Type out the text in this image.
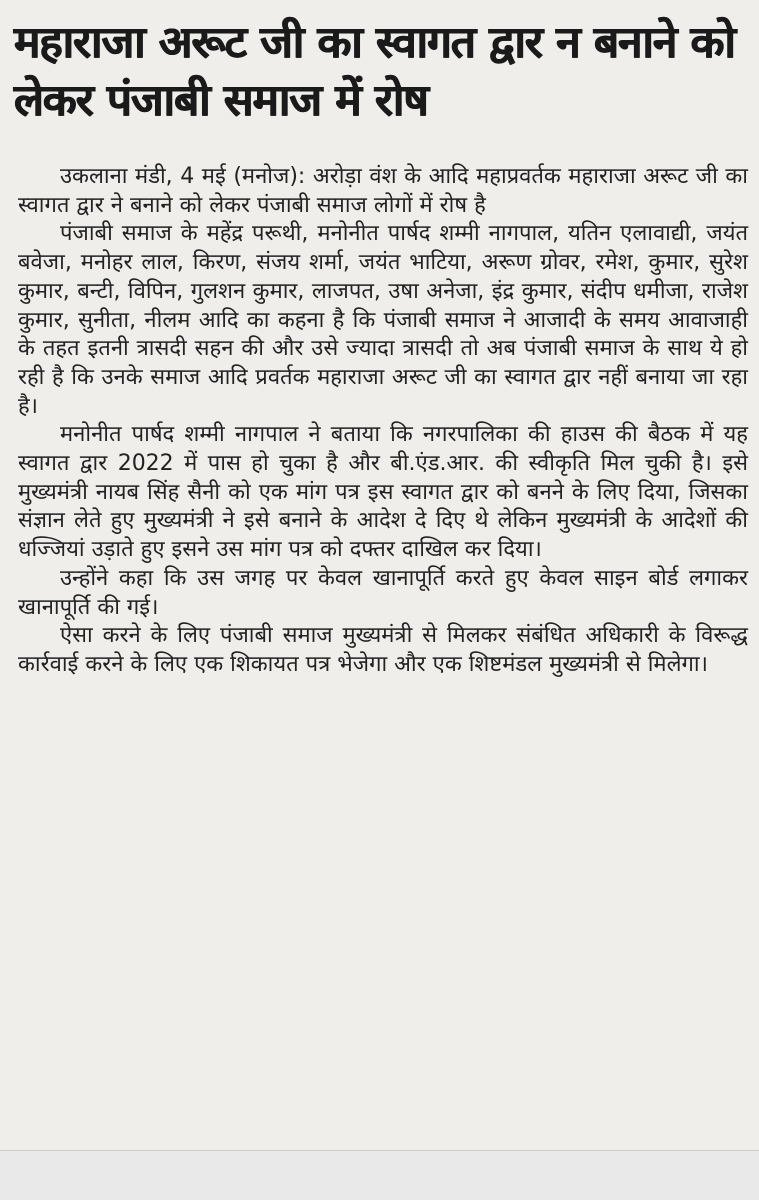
महाराजा अरूट जी का स्वागत द्वार न बनाने को लेकर पंजाबी समाज में रोष

उकलाना मंडी, 4 मई (मनोज): अरोड़ा वंश के आदि महाप्रवर्तक महाराजा अरूट जी का स्वागत द्वार ने बनाने को लेकर पंजाबी समाज लोगों में रोष है

पंजाबी समाज के महेंद्र परूथी, मनोनीत पार्षद शम्मी नागपाल, यतिन एलावाद्यी, जयंत बवेजा, मनोहर लाल, किरण, संजय शर्मा, जयंत भाटिया, अरूण ग्रोवर, रमेश, कुमार, सुरेश कुमार, बन्टी, विपिन, गुलशन कुमार, लाजपत, उषा अनेजा, इंद्र कुमार, संदीप धमीजा, राजेश कुमार, सुनीता, नीलम आदि का कहना है कि पंजाबी समाज ने आजादी के समय आवाजाही के तहत इतनी त्रासदी सहन की और उसे ज्यादा त्रासदी तो अब पंजाबी समाज के साथ ये हो रही है कि उनके समाज आदि प्रवर्तक महाराजा अरूट जी का स्वागत द्वार नहीं बनाया जा रहा है।

मनोनीत पार्षद शम्मी नागपाल ने बताया कि नगरपालिका की हाउस की बैठक में यह स्वागत द्वार 2022 में पास हो चुका है और बी.एंड.आर. की स्वीकृति मिल चुकी है। इसे मुख्यमंत्री नायब सिंह सैनी को एक मांग पत्र इस स्वागत द्वार को बनने के लिए दिया, जिसका संज्ञान लेते हुए मुख्यमंत्री ने इसे बनाने के आदेश दे दिए थे लेकिन मुख्यमंत्री के आदेशों की धज्जियां उड़ाते हुए इसने उस मांग पत्र को दफ्तर दाखिल कर दिया।

उन्होंने कहा कि उस जगह पर केवल खानापूर्ति करते हुए केवल साइन बोर्ड लगाकर खानापूर्ति की गई।

ऐसा करने के लिए पंजाबी समाज मुख्यमंत्री से मिलकर संबंधित अधिकारी के विरूद्ध कार्रवाई करने के लिए एक शिकायत पत्र भेजेगा और एक शिष्टमंडल मुख्यमंत्री से मिलेगा।
